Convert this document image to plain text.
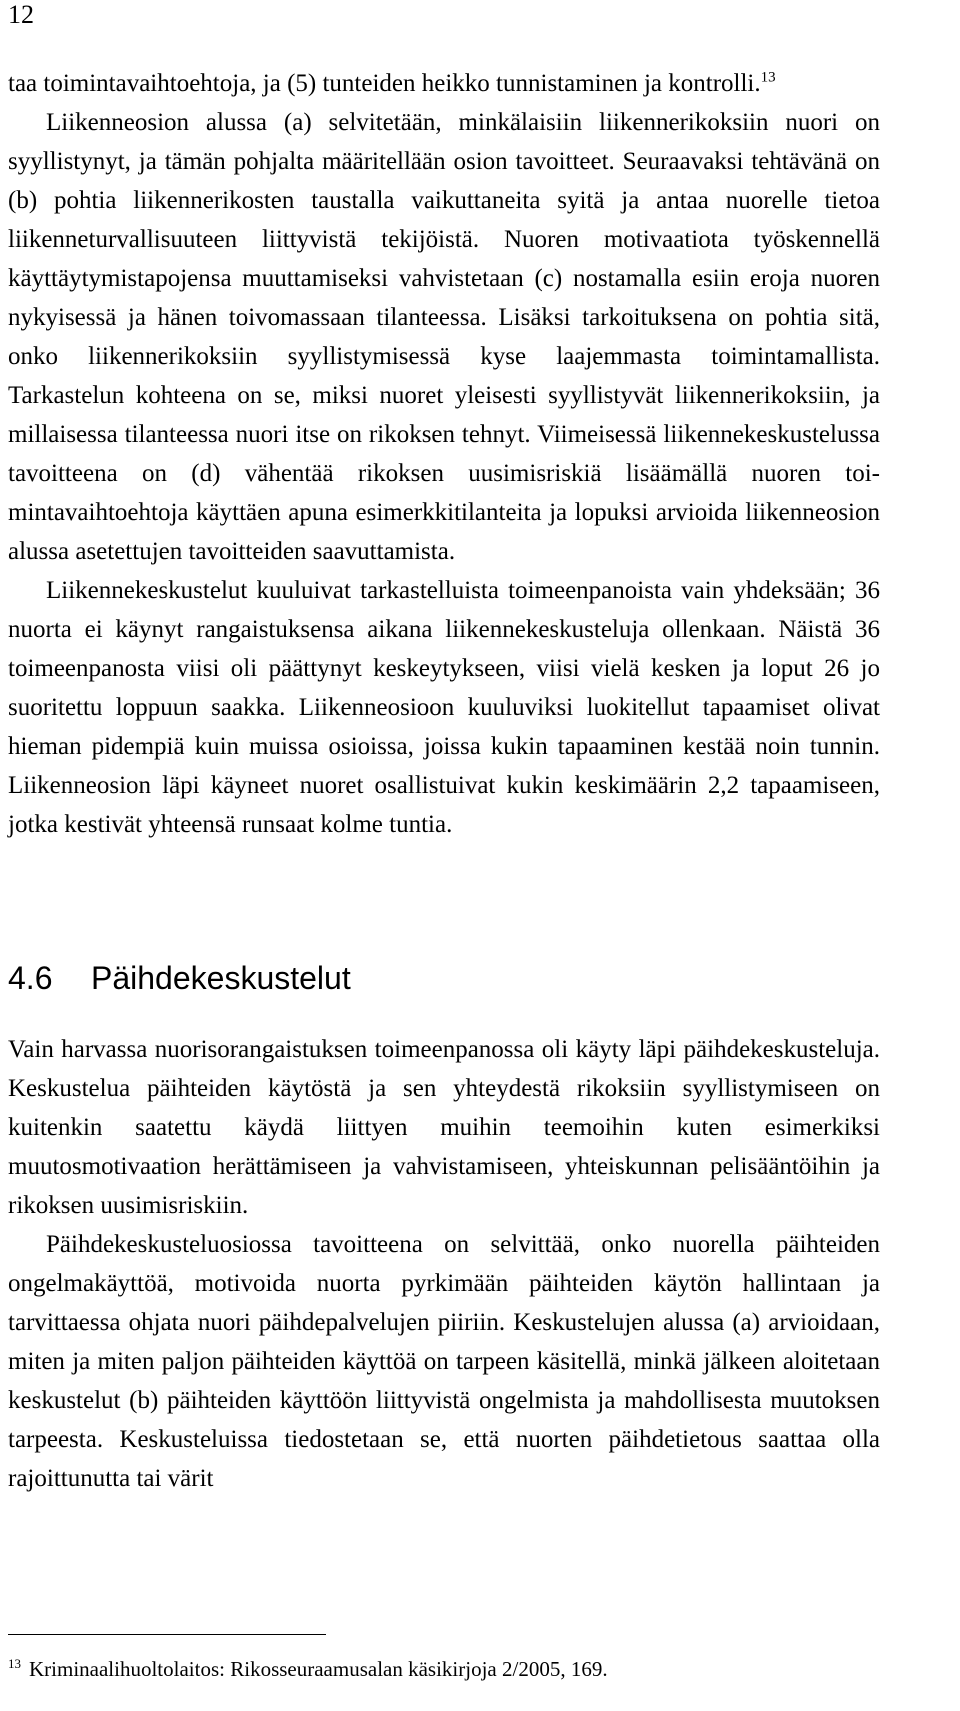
12

taa toimintavaihtoehtoja, ja (5) tunteiden heikko tunnistaminen ja kontrolli.$^{13}$

Liikenneosion alussa (a) selvitetään, minkälaisiin liikennerikoksiin nuori on syyllistynyt, ja tämän pohjalta määritellään osion tavoitteet. Seuraavaksi tehtävänä on (b) pohtia liikennerikosten taustalla vaikuttaneita syitä ja antaa nuorelle tietoa liikenneturvallisuuteen liittyvistä tekijöistä. Nuoren motivaatiota työskennellä käyttäytymistapojensa muuttamiseksi vahvistetaan (c) nostamalla esiin eroja nuoren nykyisessä ja hänen toivomassaan tilanteessa. Lisäksi tarkoituksena on pohtia sitä, onko liikennerikoksiin syyllistymisessä kyse laajemmasta toimintamallista. Tarkastelun kohteena on se, miksi nuoret yleisesti syyllistyvät liikennerikoksiin, ja millaisessa tilanteessa nuori itse on rikoksen tehnyt. Viimeisessä liikennekeskustelussa tavoitteena on (d) vähentää rikoksen uusimisriskiä lisäämällä nuoren toimintavaihtoehtoja käyttäen apuna esimerkkitilanteita ja lopuksi arvioida liikenneosion alussa asetettujen tavoitteiden saavuttamista.

Liikennekeskustelut kuuluivat tarkastelluista toimeenpanoista vain yhdeksään; 36 nuorta ei käynyt rangaistuksensa aikana liikennekeskusteluja ollenkaan. Näistä 36 toimeenpanosta viisi oli päättynyt keskeytykseen, viisi vielä kesken ja loput 26 jo suoritettu loppuun saakka. Liikenneosioon kuuluviksi luokitellut tapaamiset olivat hieman pidempiä kuin muissa osioissa, joissa kukin tapaaminen kestää noin tunnin. Liikenneosion läpi käyneet nuoret osallistuivat kukin keskimäärin 2,2 tapaamiseen, jotka kestivät yhteensä runsaat kolme tuntia.

4.6 Päihdekeskustelut

Vain harvassa nuorisorangaistuksen toimeenpanossa oli käyty läpi päihdekeskusteluja. Keskustelua päihteiden käytöstä ja sen yhteydestä rikoksiin syyllistymiseen on kuitenkin saatettu käydä liittyen muihin teemoihin kuten esimerkiksi muutosmotivaation herättämiseen ja vahvistamiseen, yhteiskunnan pelisääntöihin ja rikoksen uusimisriskiin.

Päihdekeskusteluosiossa tavoitteena on selvittää, onko nuorella päihteiden ongelmakäyttöä, motivoida nuorta pyrkimään päihteiden käytön hallintaan ja tarvittaessa ohjata nuori päihdepalvelujen piiriin. Keskustelujen alussa (a) arvioidaan, miten ja miten paljon päihteiden käyttöä on tarpeen käsitellä, minkä jälkeen aloitetaan keskustelut (b) päihteiden käyttöön liittyvistä ongelmista ja mahdollisesta muutoksen tarpeesta. Keskusteluissa tiedostetaan se, että nuorten päihdetietous saattaa olla rajoittunutta tai värit

$^{13}$ Kriminaalihuoltolaitos: Rikosseuraamusalan käsikirjoja 2/2005, 169.
